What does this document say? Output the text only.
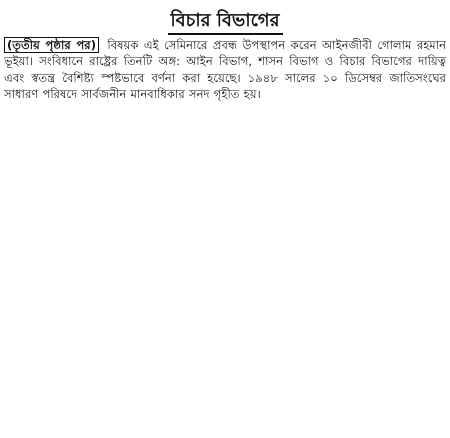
বিচার বিভাগের
(তৃতীয় পৃষ্ঠার পর) বিষয়ক এই সেমিনারে প্রবন্ধ উপস্থাপন করেন আইনজীবী গোলাম রহমান ভূইয়া। সংবিধানে রাষ্ট্রের তিনটি অঙ্গ: আইন বিভাগ, শাসন বিভাগ ও বিচার বিভাগের দায়িত্ব এবং স্বতন্ত্র বৈশিষ্ট্য স্পষ্টভাবে বর্ণনা করা হয়েছে। ১৯৪৮ সালের ১০ ডিসেম্বর জাতিসংঘের সাধারণ পরিষদে সার্বজনীন মানবাধিকার সনদ গৃহীত হয়।
